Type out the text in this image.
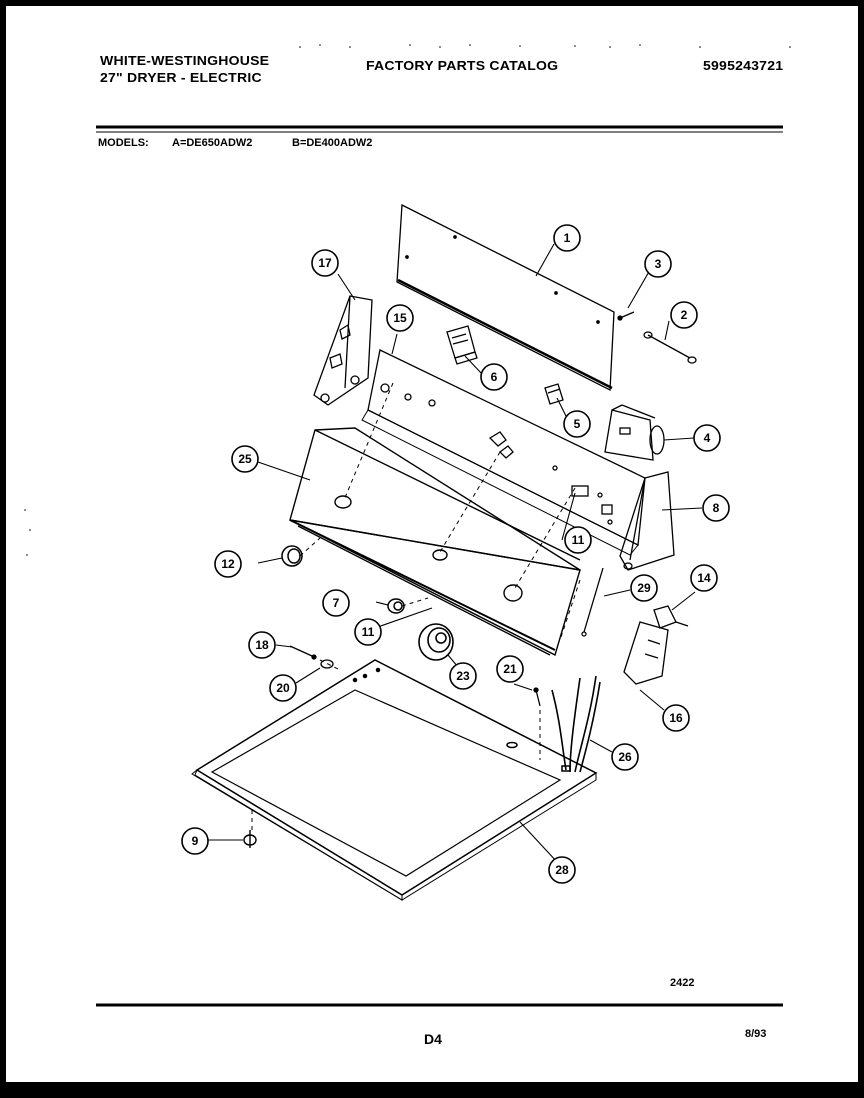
WHITE-WESTINGHOUSE
27" DRYER - ELECTRIC
FACTORY PARTS CATALOG	5995243721
MODELS: A=DE650ADW2	B=DE400ADW2
2422
D4	8/93
1
2
3
4
5
6
7
8
9
11
11
12
14
15
16
17
18
20
21
23
25
26
28
29
